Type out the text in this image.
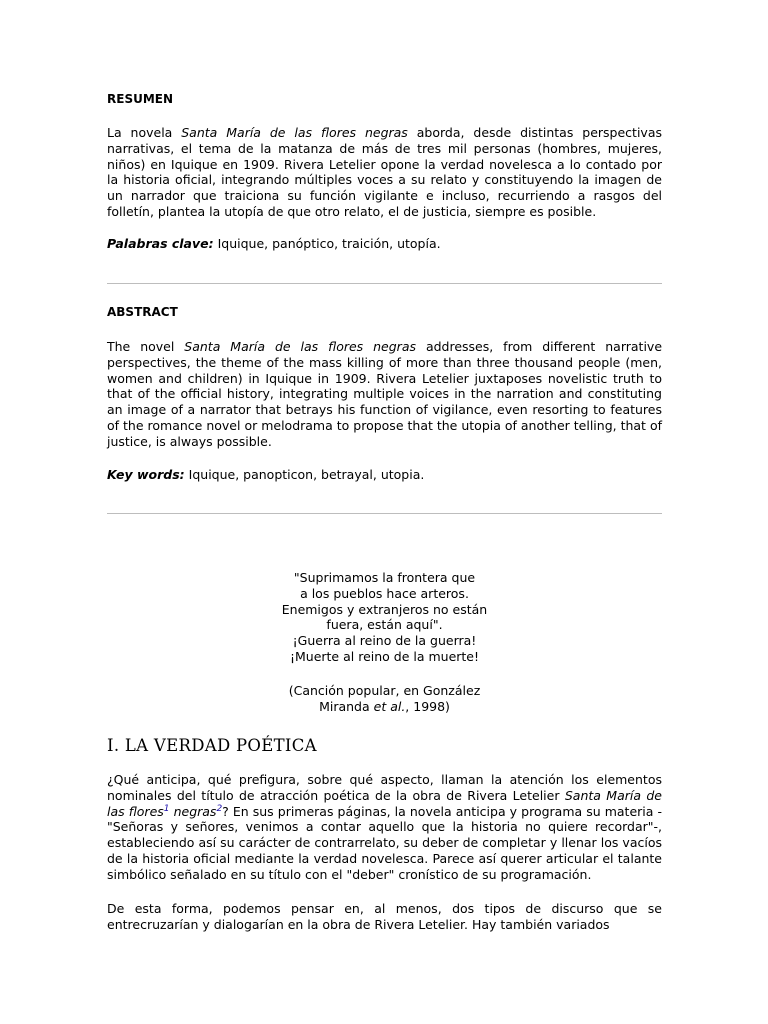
RESUMEN

La novela Santa María de las flores negras aborda, desde distintas perspectivas narrativas, el tema de la matanza de más de tres mil personas (hombres, mujeres, niños) en Iquique en 1909. Rivera Letelier opone la verdad novelesca a lo contado por la historia oficial, integrando múltiples voces a su relato y constituyendo la imagen de un narrador que traiciona su función vigilante e incluso, recurriendo a rasgos del folletín, plantea la utopía de que otro relato, el de justicia, siempre es posible.

Palabras clave: Iquique, panóptico, traición, utopía.

ABSTRACT

The novel Santa María de las flores negras addresses, from different narrative perspectives, the theme of the mass killing of more than three thousand people (men, women and children) in Iquique in 1909. Rivera Letelier juxtaposes novelistic truth to that of the official history, integrating multiple voices in the narration and constituting an image of a narrator that betrays his function of vigilance, even resorting to features of the romance novel or melodrama to propose that the utopia of another telling, that of justice, is always possible.

Key words: Iquique, panopticon, betrayal, utopia.

"Suprimamos la frontera que
a los pueblos hace arteros.
Enemigos y extranjeros no están
fuera, están aquí".
¡Guerra al reino de la guerra!
¡Muerte al reino de la muerte!
(Canción popular, en González
Miranda et al., 1998)
I. LA VERDAD POÉTICA

¿Qué anticipa, qué prefigura, sobre qué aspecto, llaman la atención los elementos nominales del título de atracción poética de la obra de Rivera Letelier Santa María de las flores$^1$ negras$^2$? En sus primeras páginas, la novela anticipa y programa su materia -"Señoras y señores, venimos a contar aquello que la historia no quiere recordar"-, estableciendo así su carácter de contrarrelato, su deber de completar y llenar los vacíos de la historia oficial mediante la verdad novelesca. Parece así querer articular el talante simbólico señalado en su título con el "deber" cronístico de su programación.

De esta forma, podemos pensar en, al menos, dos tipos de discurso que se entrecruzarían y dialogarían en la obra de Rivera Letelier. Hay también variados
